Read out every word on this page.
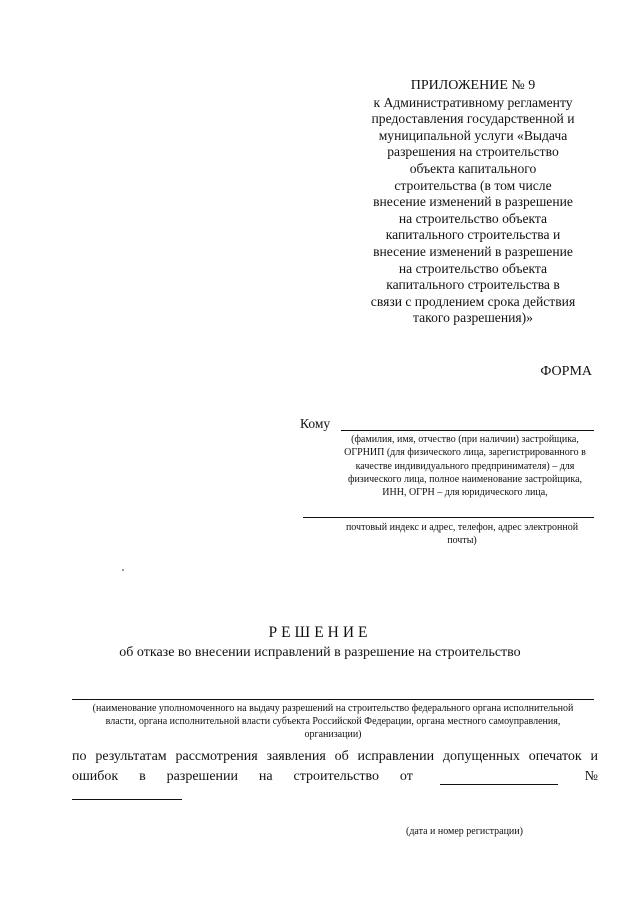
ПРИЛОЖЕНИЕ № 9
к Административному регламенту
предоставления государственной и
муниципальной услуги «Выдача
разрешения на строительство
объекта капитального
строительства (в том числе
внесение изменений в разрешение
на строительство объекта
капитального строительства и
внесение изменений в разрешение
на строительство объекта
капитального строительства в
связи с продлением срока действия
такого разрешения)»
ФОРМА
Кому
(фамилия, имя, отчество (при наличии) застройщика,
ОГРНИП (для физического лица, зарегистрированного в
качестве индивидуального предпринимателя) – для
физического лица, полное наименование застройщика,
ИНН, ОГРН – для юридического лица,
почтовый индекс и адрес, телефон, адрес электронной
почты)
РЕШЕНИЕ
об отказе во внесении исправлений в разрешение на строительство
(наименование уполномоченного на выдачу разрешений на строительство федерального органа исполнительной
власти, органа исполнительной власти субъекта Российской Федерации, органа местного самоуправления,
организации)
по результатам рассмотрения заявления об исправлении допущенных опечаток и
ошибок в разрешении на строительство от	№
(дата и номер регистрации)
